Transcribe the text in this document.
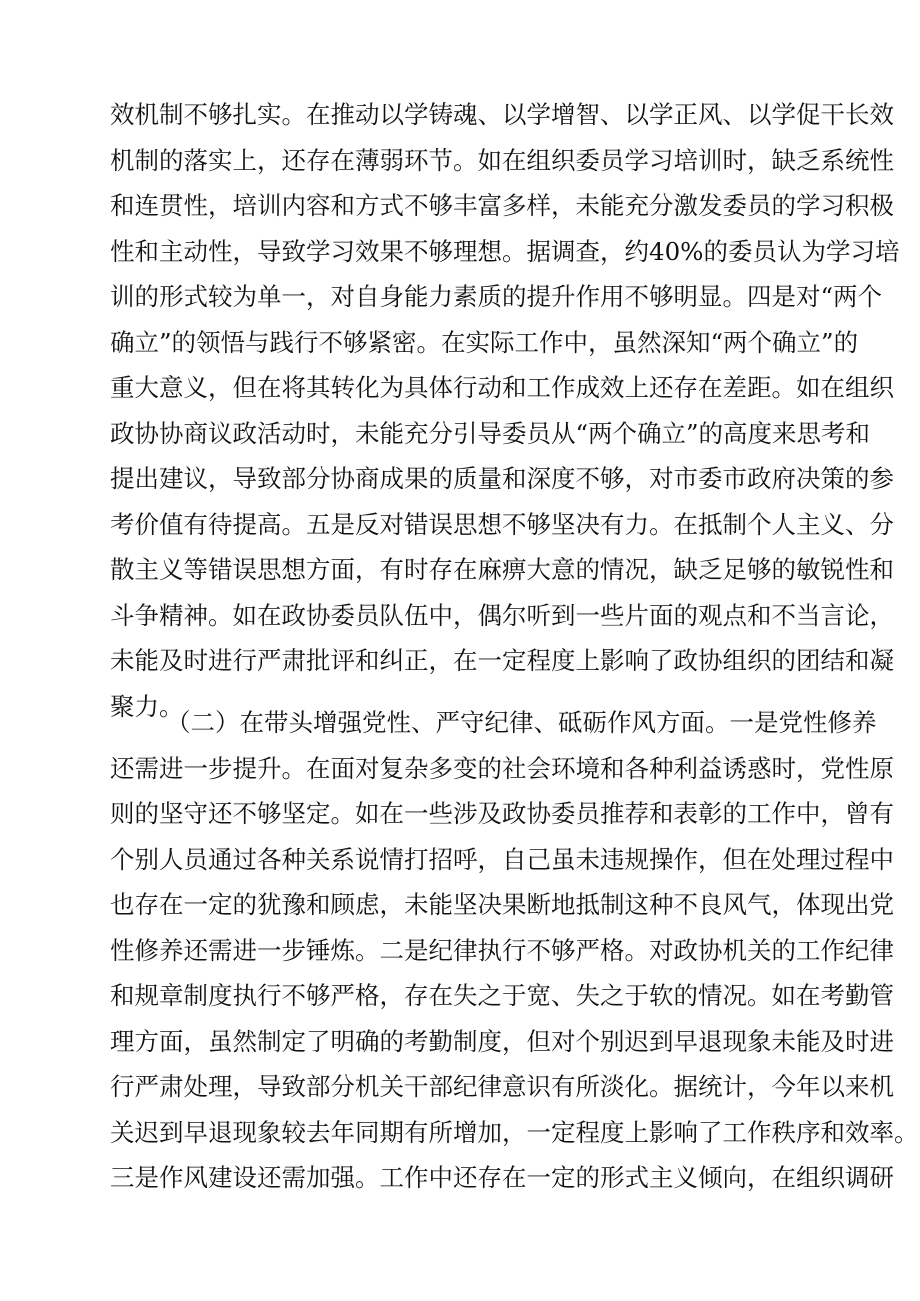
效机制不够扎实。在推动以学铸魂、以学增智、以学正风、以学促干长效
机制的落实上，还存在薄弱环节。如在组织委员学习培训时，缺乏系统性
和连贯性，培训内容和方式不够丰富多样，未能充分激发委员的学习积极
性和主动性，导致学习效果不够理想。据调查，约40%的委员认为学习培
训的形式较为单一，对自身能力素质的提升作用不够明显。四是对“两个
确立”的领悟与践行不够紧密。在实际工作中，虽然深知“两个确立”的
重大意义，但在将其转化为具体行动和工作成效上还存在差距。如在组织
政协协商议政活动时，未能充分引导委员从“两个确立”的高度来思考和
提出建议，导致部分协商成果的质量和深度不够，对市委市政府决策的参
考价值有待提高。五是反对错误思想不够坚决有力。在抵制个人主义、分
散主义等错误思想方面，有时存在麻痹大意的情况，缺乏足够的敏锐性和
斗争精神。如在政协委员队伍中，偶尔听到一些片面的观点和不当言论，
未能及时进行严肃批评和纠正，在一定程度上影响了政协组织的团结和凝
聚力。
（二）在带头增强党性、严守纪律、砥砺作风方面。一是党性修养
还需进一步提升。在面对复杂多变的社会环境和各种利益诱惑时，党性原
则的坚守还不够坚定。如在一些涉及政协委员推荐和表彰的工作中，曾有
个别人员通过各种关系说情打招呼，自己虽未违规操作，但在处理过程中
也存在一定的犹豫和顾虑，未能坚决果断地抵制这种不良风气，体现出党
性修养还需进一步锤炼。二是纪律执行不够严格。对政协机关的工作纪律
和规章制度执行不够严格，存在失之于宽、失之于软的情况。如在考勤管
理方面，虽然制定了明确的考勤制度，但对个别迟到早退现象未能及时进
行严肃处理，导致部分机关干部纪律意识有所淡化。据统计，今年以来机
关迟到早退现象较去年同期有所增加，一定程度上影响了工作秩序和效率。
三是作风建设还需加强。工作中还存在一定的形式主义倾向，在组织调研
